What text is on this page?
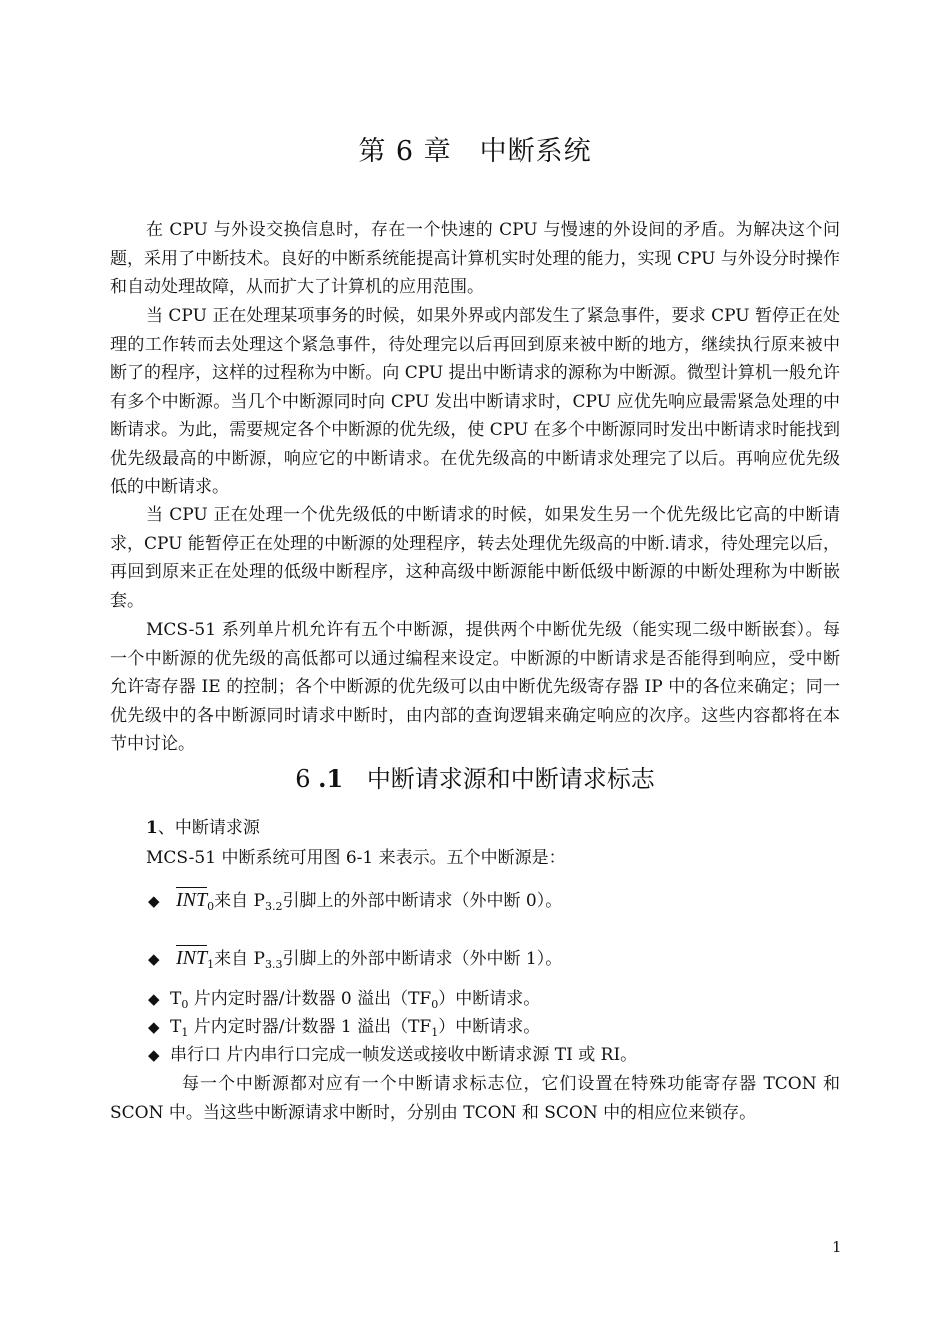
第 6 章　中断系统

在 CPU 与外设交换信息时，存在一个快速的 CPU 与慢速的外设间的矛盾。为解决这个问题，采用了中断技术。良好的中断系统能提高计算机实时处理的能力，实现 CPU 与外设分时操作和自动处理故障，从而扩大了计算机的应用范围。

当 CPU 正在处理某项事务的时候，如果外界或内部发生了紧急事件，要求 CPU 暂停正在处理的工作转而去处理这个紧急事件，待处理完以后再回到原来被中断的地方，继续执行原来被中断了的程序，这样的过程称为中断。向 CPU 提出中断请求的源称为中断源。微型计算机一般允许有多个中断源。当几个中断源同时向 CPU 发出中断请求时，CPU 应优先响应最需紧急处理的中断请求。为此，需要规定各个中断源的优先级，使 CPU 在多个中断源同时发出中断请求时能找到优先级最高的中断源，响应它的中断请求。在优先级高的中断请求处理完了以后。再响应优先级低的中断请求。

当 CPU 正在处理一个优先级低的中断请求的时候，如果发生另一个优先级比它高的中断请求，CPU 能暂停正在处理的中断源的处理程序，转去处理优先级高的中断.请求，待处理完以后，再回到原来正在处理的低级中断程序，这种高级中断源能中断低级中断源的中断处理称为中断嵌套。

MCS-51 系列单片机允许有五个中断源，提供两个中断优先级（能实现二级中断嵌套）。每一个中断源的优先级的高低都可以通过编程来设定。中断源的中断请求是否能得到响应，受中断允许寄存器 IE 的控制；各个中断源的优先级可以由中断优先级寄存器 IP 中的各位来确定；同一优先级中的各中断源同时请求中断时，由内部的查询逻辑来确定响应的次序。这些内容都将在本节中讨论。

6 .1 中断请求源和中断请求标志
1、中断请求源
MCS-51 中断系统可用图 6-1 来表示。五个中断源是：
◆ $INT_0$来自 $P_{3.2}$引脚上的外部中断请求（外中断 0）。
◆ $INT_1$来自 $P_{3.3}$引脚上的外部中断请求（外中断 1）。
◆ $T_0$ 片内定时器/计数器 0 溢出$(TF_0)$中断请求。
◆ $T_1$ 片内定时器/计数器 1 溢出$(TF_1)$中断请求。
◆ 串行口 片内串行口完成一帧发送或接收中断请求源 TI 或 RI。

每一个中断源都对应有一个中断请求标志位，它们设置在特殊功能寄存器 TCON 和 SCON 中。当这些中断源请求中断时，分别由 TCON 和 SCON 中的相应位来锁存。

1
